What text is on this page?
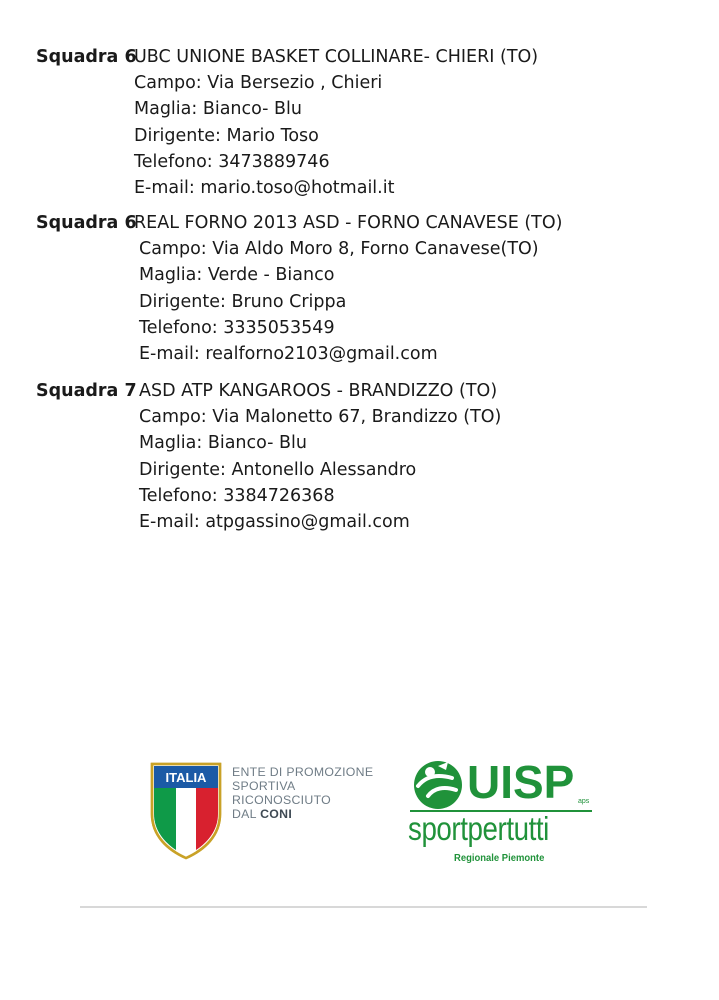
Squadra 6UBC UNIONE BASKET COLLINARE- CHIERI (TO)
Campo: Via Bersezio , Chieri
Maglia: Bianco- Blu
Dirigente: Mario Toso
Telefono: 3473889746
E-mail: mario.toso@hotmail.it
Squadra 6REAL FORNO 2013 ASD - FORNO CANAVESE (TO)
Campo: Via Aldo Moro 8, Forno Canavese(TO)
Maglia: Verde - Bianco
Dirigente: Bruno Crippa
Telefono: 3335053549
E-mail: realforno2103@gmail.com
Squadra 7 ASD ATP KANGAROOS - BRANDIZZO (TO)
Campo: Via Malonetto 67, Brandizzo (TO)
Maglia: Bianco- Blu
Dirigente: Antonello Alessandro
Telefono: 3384726368
E-mail: atpgassino@gmail.com
ITALIA ENTE DI PROMOZIONE
SPORTIVA
RICONOSCIUTO
DAL CONI
UISP aps
sportpertutti
Regionale Piemonte
